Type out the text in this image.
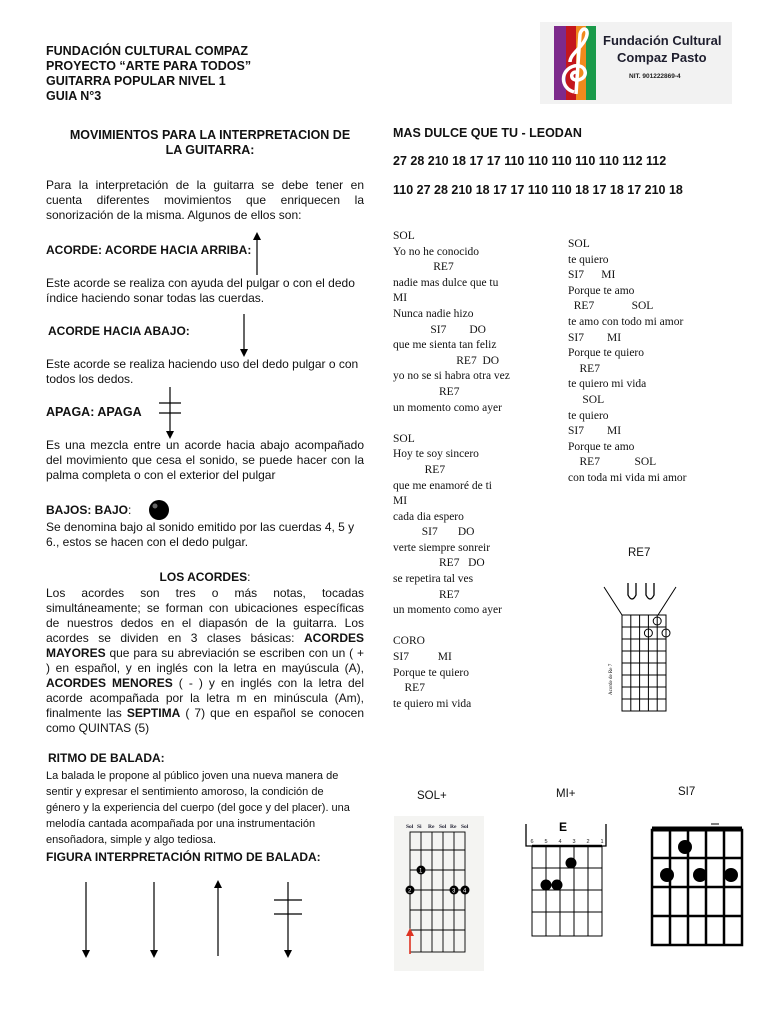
FUNDACIÓN CULTURAL COMPAZ
PROYECTO “ARTE PARA TODOS”
GUITARRA POPULAR NIVEL 1
GUIA N°3
Fundación Cultural
Compaz Pasto
NIT. 901222869-4
MOVIMIENTOS PARA LA INTERPRETACION DE LA GUITARRA:
Para la interpretación de la guitarra se debe tener en cuenta diferentes movimientos que enriquecen la sonorización de la misma. Algunos de ellos son:
ACORDE: ACORDE HACIA ARRIBA:
Este acorde se realiza con ayuda del pulgar o con el dedo índice haciendo sonar todas las cuerdas.
ACORDE HACIA ABAJO:
Este acorde se realiza haciendo uso del dedo pulgar o con todos los dedos.
APAGA: APAGA
Es una mezcla entre un acorde hacia abajo acompañado del movimiento que cesa el sonido, se puede hacer con la palma completa o con el exterior del pulgar
BAJOS: BAJO:
Se denomina bajo al sonido emitido por las cuerdas 4, 5 y 6., estos se hacen con el dedo pulgar.
LOS ACORDES:
Los acordes son tres o más notas, tocadas simultáneamente; se forman con ubicaciones específicas de nuestros dedos en el diapasón de la guitarra. Los acordes se dividen en 3 clases básicas: ACORDES MAYORES que para su abreviación se escriben con un ( + ) en español, y en inglés con la letra en mayúscula (A), ACORDES MENORES ( - ) y en inglés con la letra del acorde acompañada por la letra m en minúscula (Am), finalmente las SEPTIMA ( 7) que en español se conocen como QUINTAS (5)
RITMO DE BALADA:
La balada le propone al público joven una nueva manera de sentir y expresar el sentimiento amoroso, la condición de género y la experiencia del cuerpo (del goce y del placer). una melodía cantada acompañada por una instrumentación ensoñadora, simple y algo tediosa.
FIGURA INTERPRETACIÓN RITMO DE BALADA:
MAS DULCE QUE TU - LEODAN
27 28 210 18 17 17 110 110 110 110 110 112 112
110 27 28 210 18 17 17 110 110 18 17 18 17 210 18
SOL
Yo no he conocido
RE7
nadie mas dulce que tu
MI
Nunca nadie hizo
SI7        DO
que me sienta tan feliz
RE7  DO
yo no se si habra otra vez
RE7
un momento como ayer
SOL
Hoy te soy sincero
RE7
que me enamoré de ti
MI
cada dia espero
SI7       DO
verte siempre sonreir
RE7   DO
se repetira tal ves
RE7
un momento como ayer
CORO
SI7          MI
Porque te quiero
RE7
te quiero mi vida
SOL
te quiero
SI7      MI
Porque te amo
RE7             SOL
te amo con todo mi amor
SI7        MI
Porque te quiero
RE7
te quiero mi vida
SOL
te quiero
SI7        MI
Porque te amo
RE7            SOL
con toda mi vida mi amor
RE7
Acorde de Re 7
SOL+
Sol Si Re Sol Re Sol
1
2	3 4
MI+
E
6 5 4 3 2 1
SI7
